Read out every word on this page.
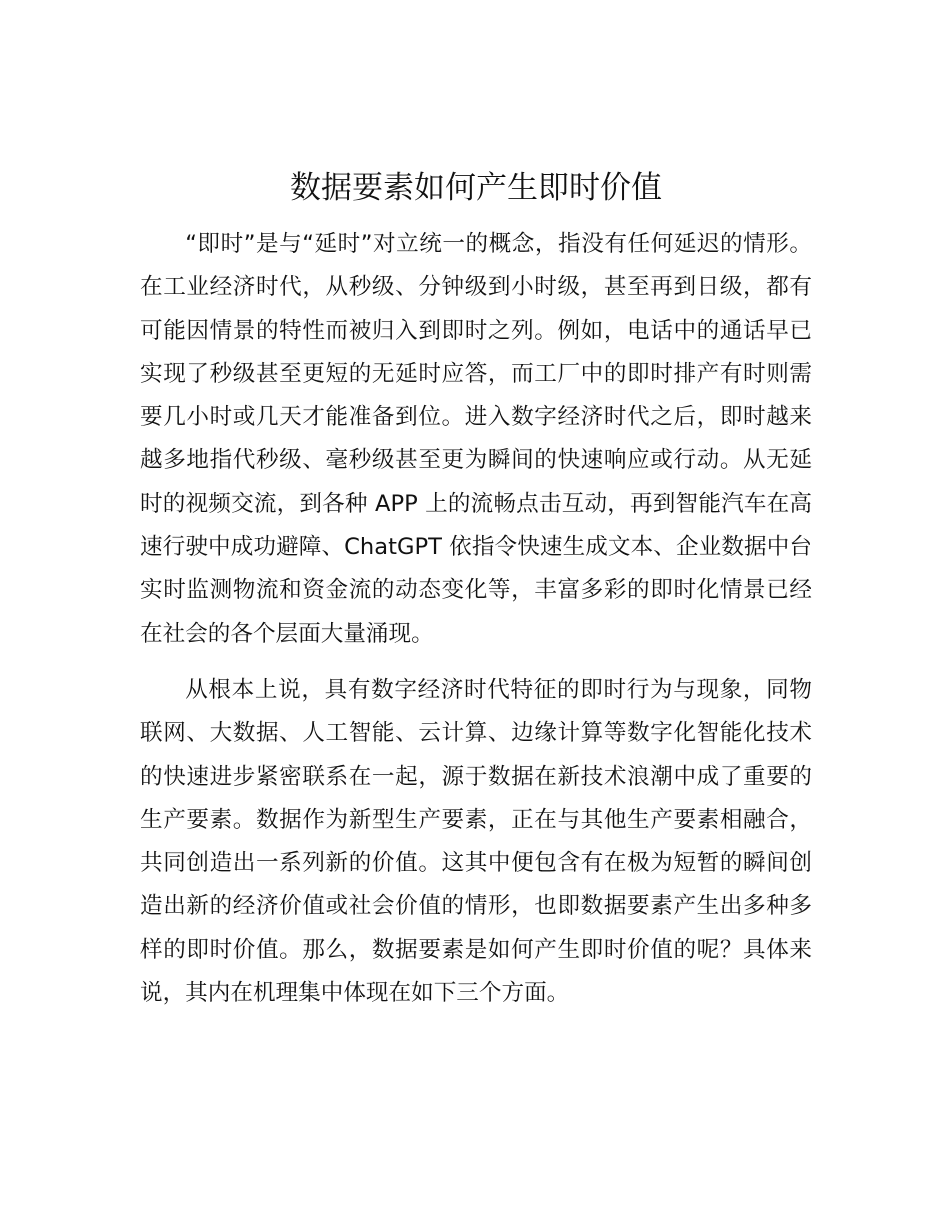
数据要素如何产生即时价值

“即时”是与“延时”对立统一的概念，指没有任何延迟的情形。在工业经济时代，从秒级、分钟级到小时级，甚至再到日级，都有可能因情景的特性而被归入到即时之列。例如，电话中的通话早已实现了秒级甚至更短的无延时应答，而工厂中的即时排产有时则需要几小时或几天才能准备到位。进入数字经济时代之后，即时越来越多地指代秒级、毫秒级甚至更为瞬间的快速响应或行动。从无延时的视频交流，到各种 APP 上的流畅点击互动，再到智能汽车在高速行驶中成功避障、ChatGPT 依指令快速生成文本、企业数据中台实时监测物流和资金流的动态变化等，丰富多彩的即时化情景已经在社会的各个层面大量涌现。

从根本上说，具有数字经济时代特征的即时行为与现象，同物联网、大数据、人工智能、云计算、边缘计算等数字化智能化技术的快速进步紧密联系在一起，源于数据在新技术浪潮中成了重要的生产要素。数据作为新型生产要素，正在与其他生产要素相融合，共同创造出一系列新的价值。这其中便包含有在极为短暂的瞬间创造出新的经济价值或社会价值的情形，也即数据要素产生出多种多样的即时价值。那么，数据要素是如何产生即时价值的呢？具体来说，其内在机理集中体现在如下三个方面。
